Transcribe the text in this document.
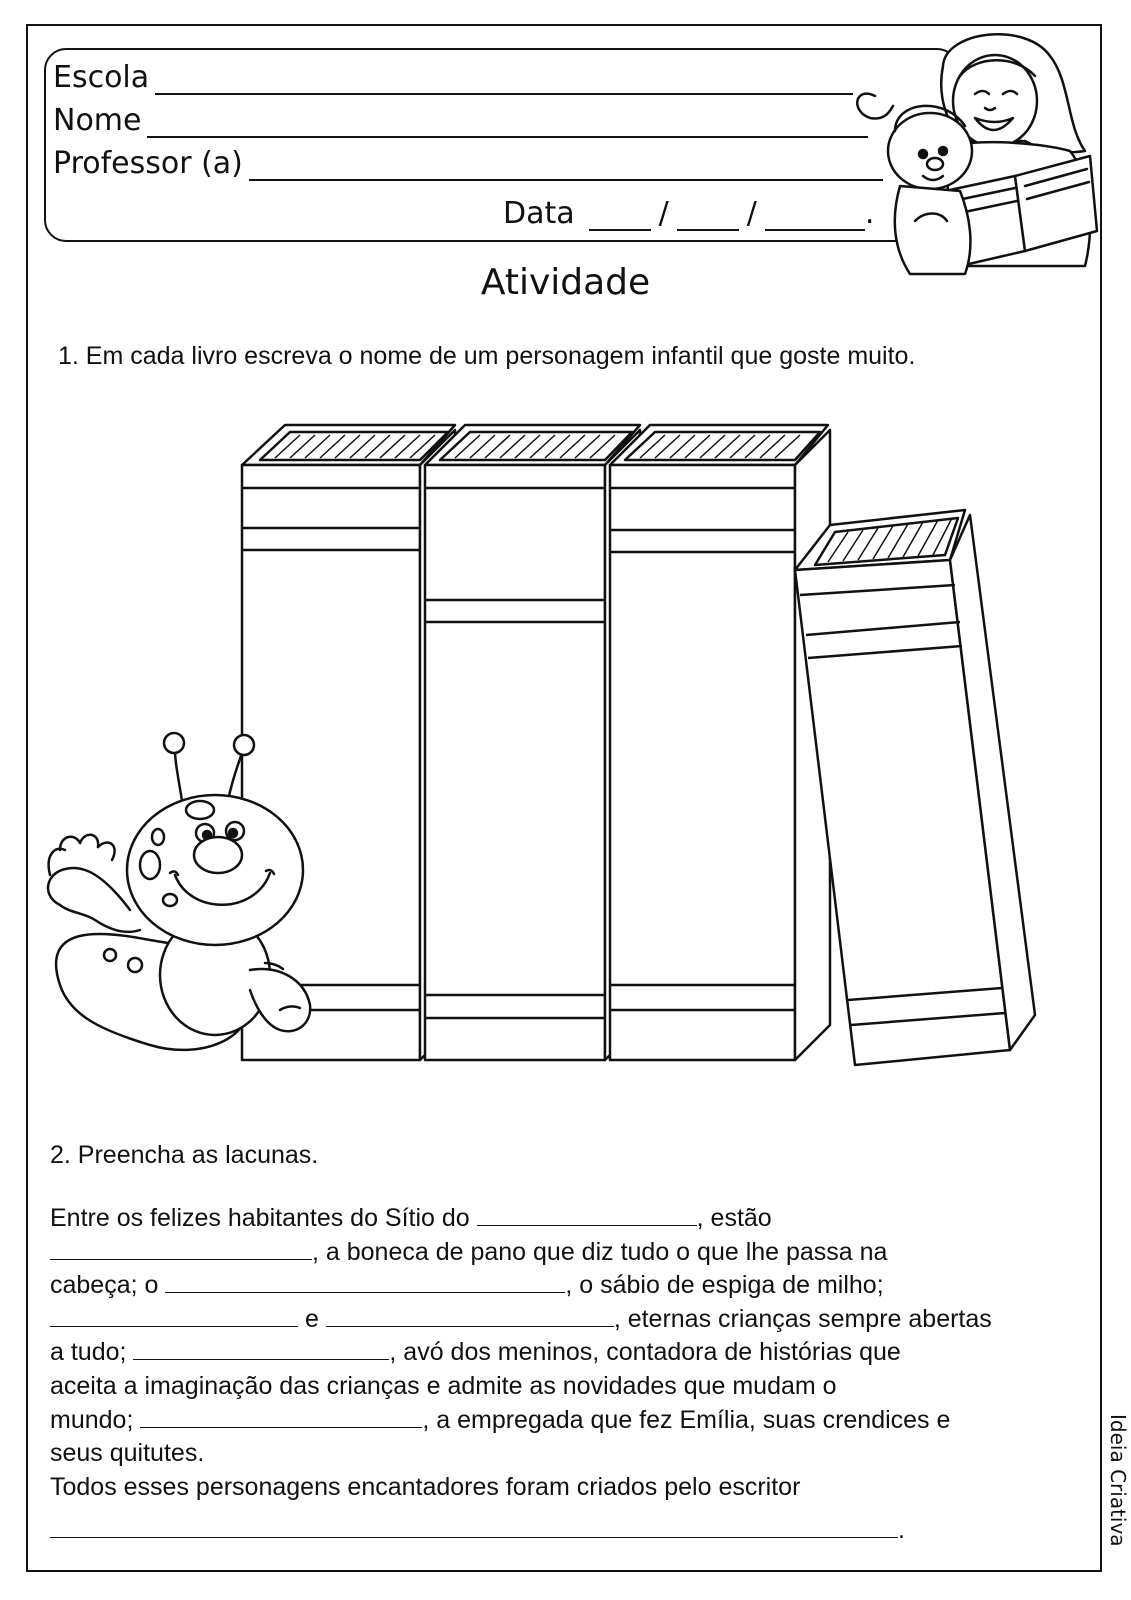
Escola
Nome
Professor (a)
Data	/	/	.
Atividade
1. Em cada livro escreva o nome de um personagem infantil que goste muito.
2. Preencha as lacunas.
Entre os felizes habitantes do Sítio do	, estão
, a boneca de pano que diz tudo o que lhe passa na
cabeça; o	, o sábio de espiga de milho;
e	, eternas crianças sempre abertas
a tudo;	, avó dos meninos, contadora de histórias que
aceita a imaginação das crianças e admite as novidades que mudam o
mundo;	, a empregada que fez Emília, suas crendices e
seus quitutes.
Todos esses personagens encantadores foram criados pelo escritor
.	Ideia Criativa
